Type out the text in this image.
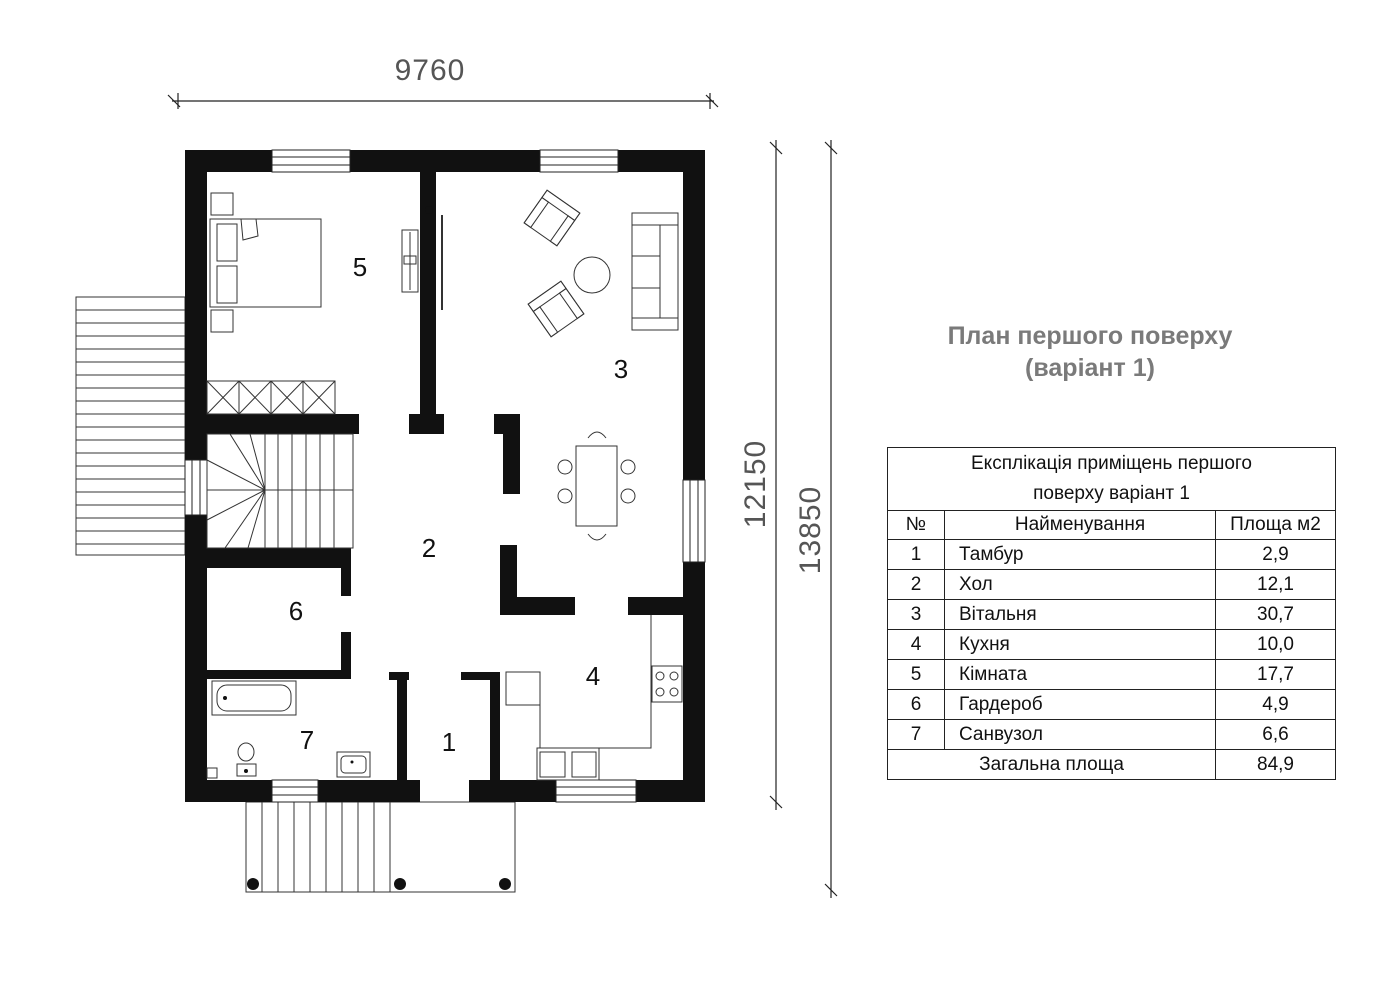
9760
12150
13850
1
2
3
4
5
6
7
План першого поверху
(варіант 1)
Експлікація приміщень першого
поверху варіант 1		

№	Найменування	Площа м2
1	Тамбур	2,9
2	Хол	12,1
3	Вітальня	30,7
4	Кухня	10,0
5	Кімната	17,7
6	Гардероб	4,9
7	Санвузол	6,6
Загальна площа		84,9
